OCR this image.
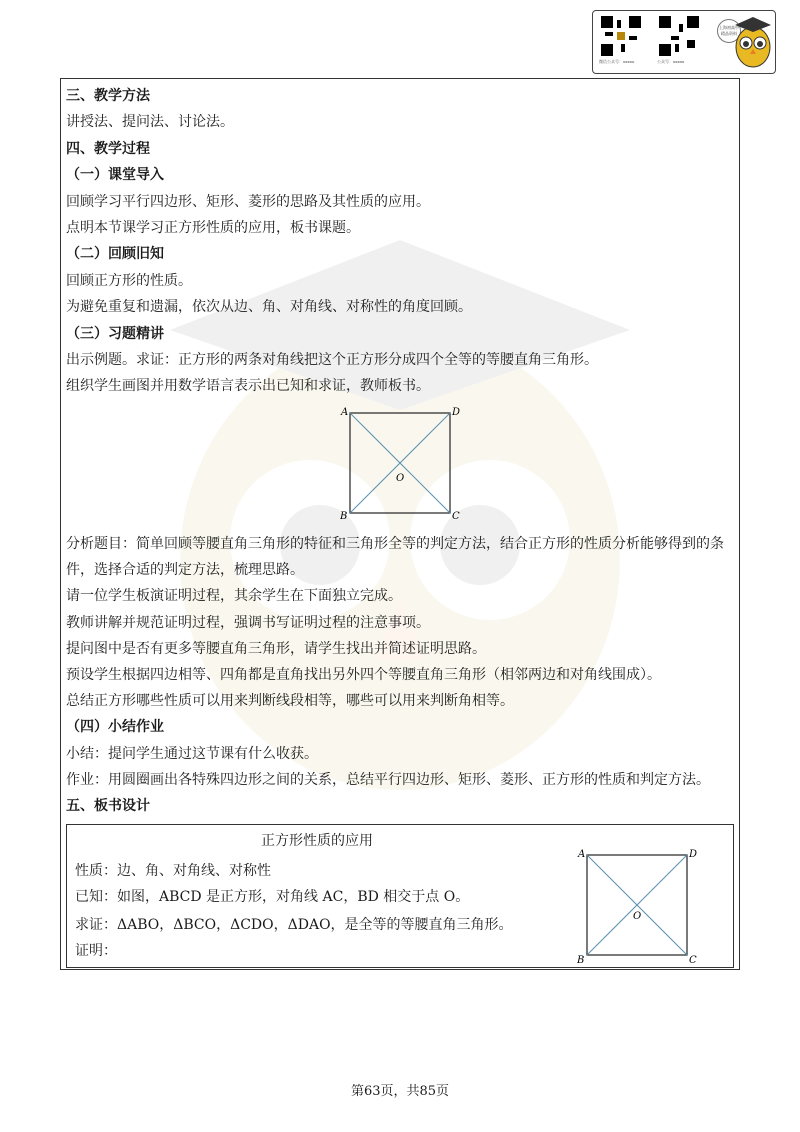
微信公众号：xxxxx	公众号：xxxxx
上海初高中精品资料
三、教学方法
讲授法、提问法、讨论法。
四、教学过程
（一）课堂导入
回顾学习平行四边形、矩形、菱形的思路及其性质的应用。
点明本节课学习正方形性质的应用，板书课题。
（二）回顾旧知
回顾正方形的性质。
为避免重复和遗漏，依次从边、角、对角线、对称性的角度回顾。
（三）习题精讲
出示例题。求证：正方形的两条对角线把这个正方形分成四个全等的等腰直角三角形。
组织学生画图并用数学语言表示出已知和求证，教师板书。
A	D
B	C
O
分析题目：简单回顾等腰直角三角形的特征和三角形全等的判定方法，结合正方形的性质分析能够得到的条
件，选择合适的判定方法，梳理思路。
请一位学生板演证明过程，其余学生在下面独立完成。
教师讲解并规范证明过程，强调书写证明过程的注意事项。
提问图中是否有更多等腰直角三角形，请学生找出并简述证明思路。
预设学生根据四边相等、四角都是直角找出另外四个等腰直角三角形（相邻两边和对角线围成）。
总结正方形哪些性质可以用来判断线段相等，哪些可以用来判断角相等。
（四）小结作业
小结：提问学生通过这节课有什么收获。
作业：用圆圈画出各特殊四边形之间的关系，总结平行四边形、矩形、菱形、正方形的性质和判定方法。
五、板书设计
正方形性质的应用
性质：边、角、对角线、对称性
已知：如图，ABCD 是正方形，对角线 AC，BD 相交于点 O。
求证：ΔABO，ΔBCO，ΔCDO，ΔDAO，是全等的等腰直角三角形。
证明：
A	D
B	C
O
第63页，共85页
